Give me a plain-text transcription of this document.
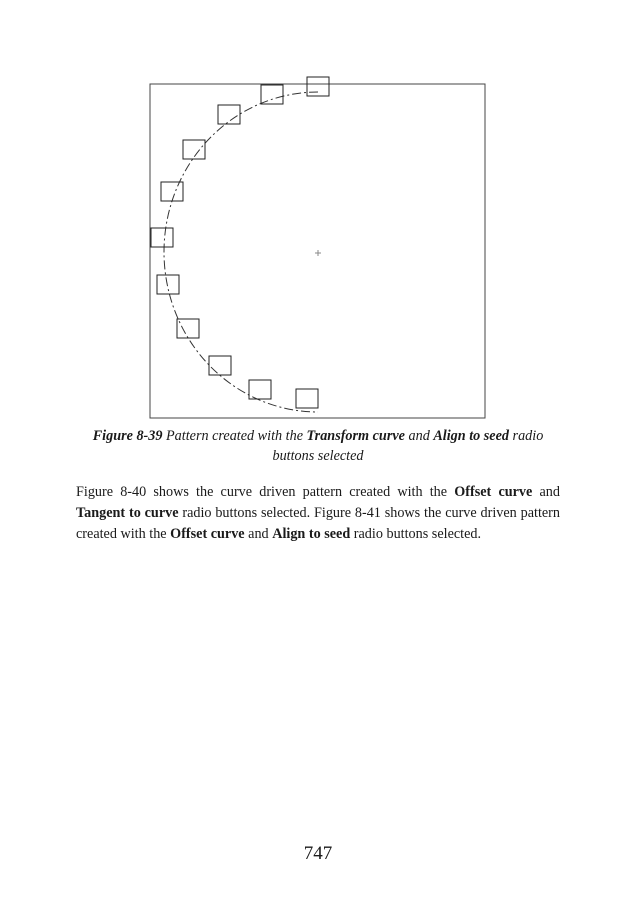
Figure 8-39 Pattern created with the Transform curve and Align to seed radio buttons selected

Figure 8-40 shows the curve driven pattern created with the Offset curve and Tangent to curve radio buttons selected. Figure 8-41 shows the curve driven pattern created with the Offset curve and Align to seed radio buttons selected.

747
